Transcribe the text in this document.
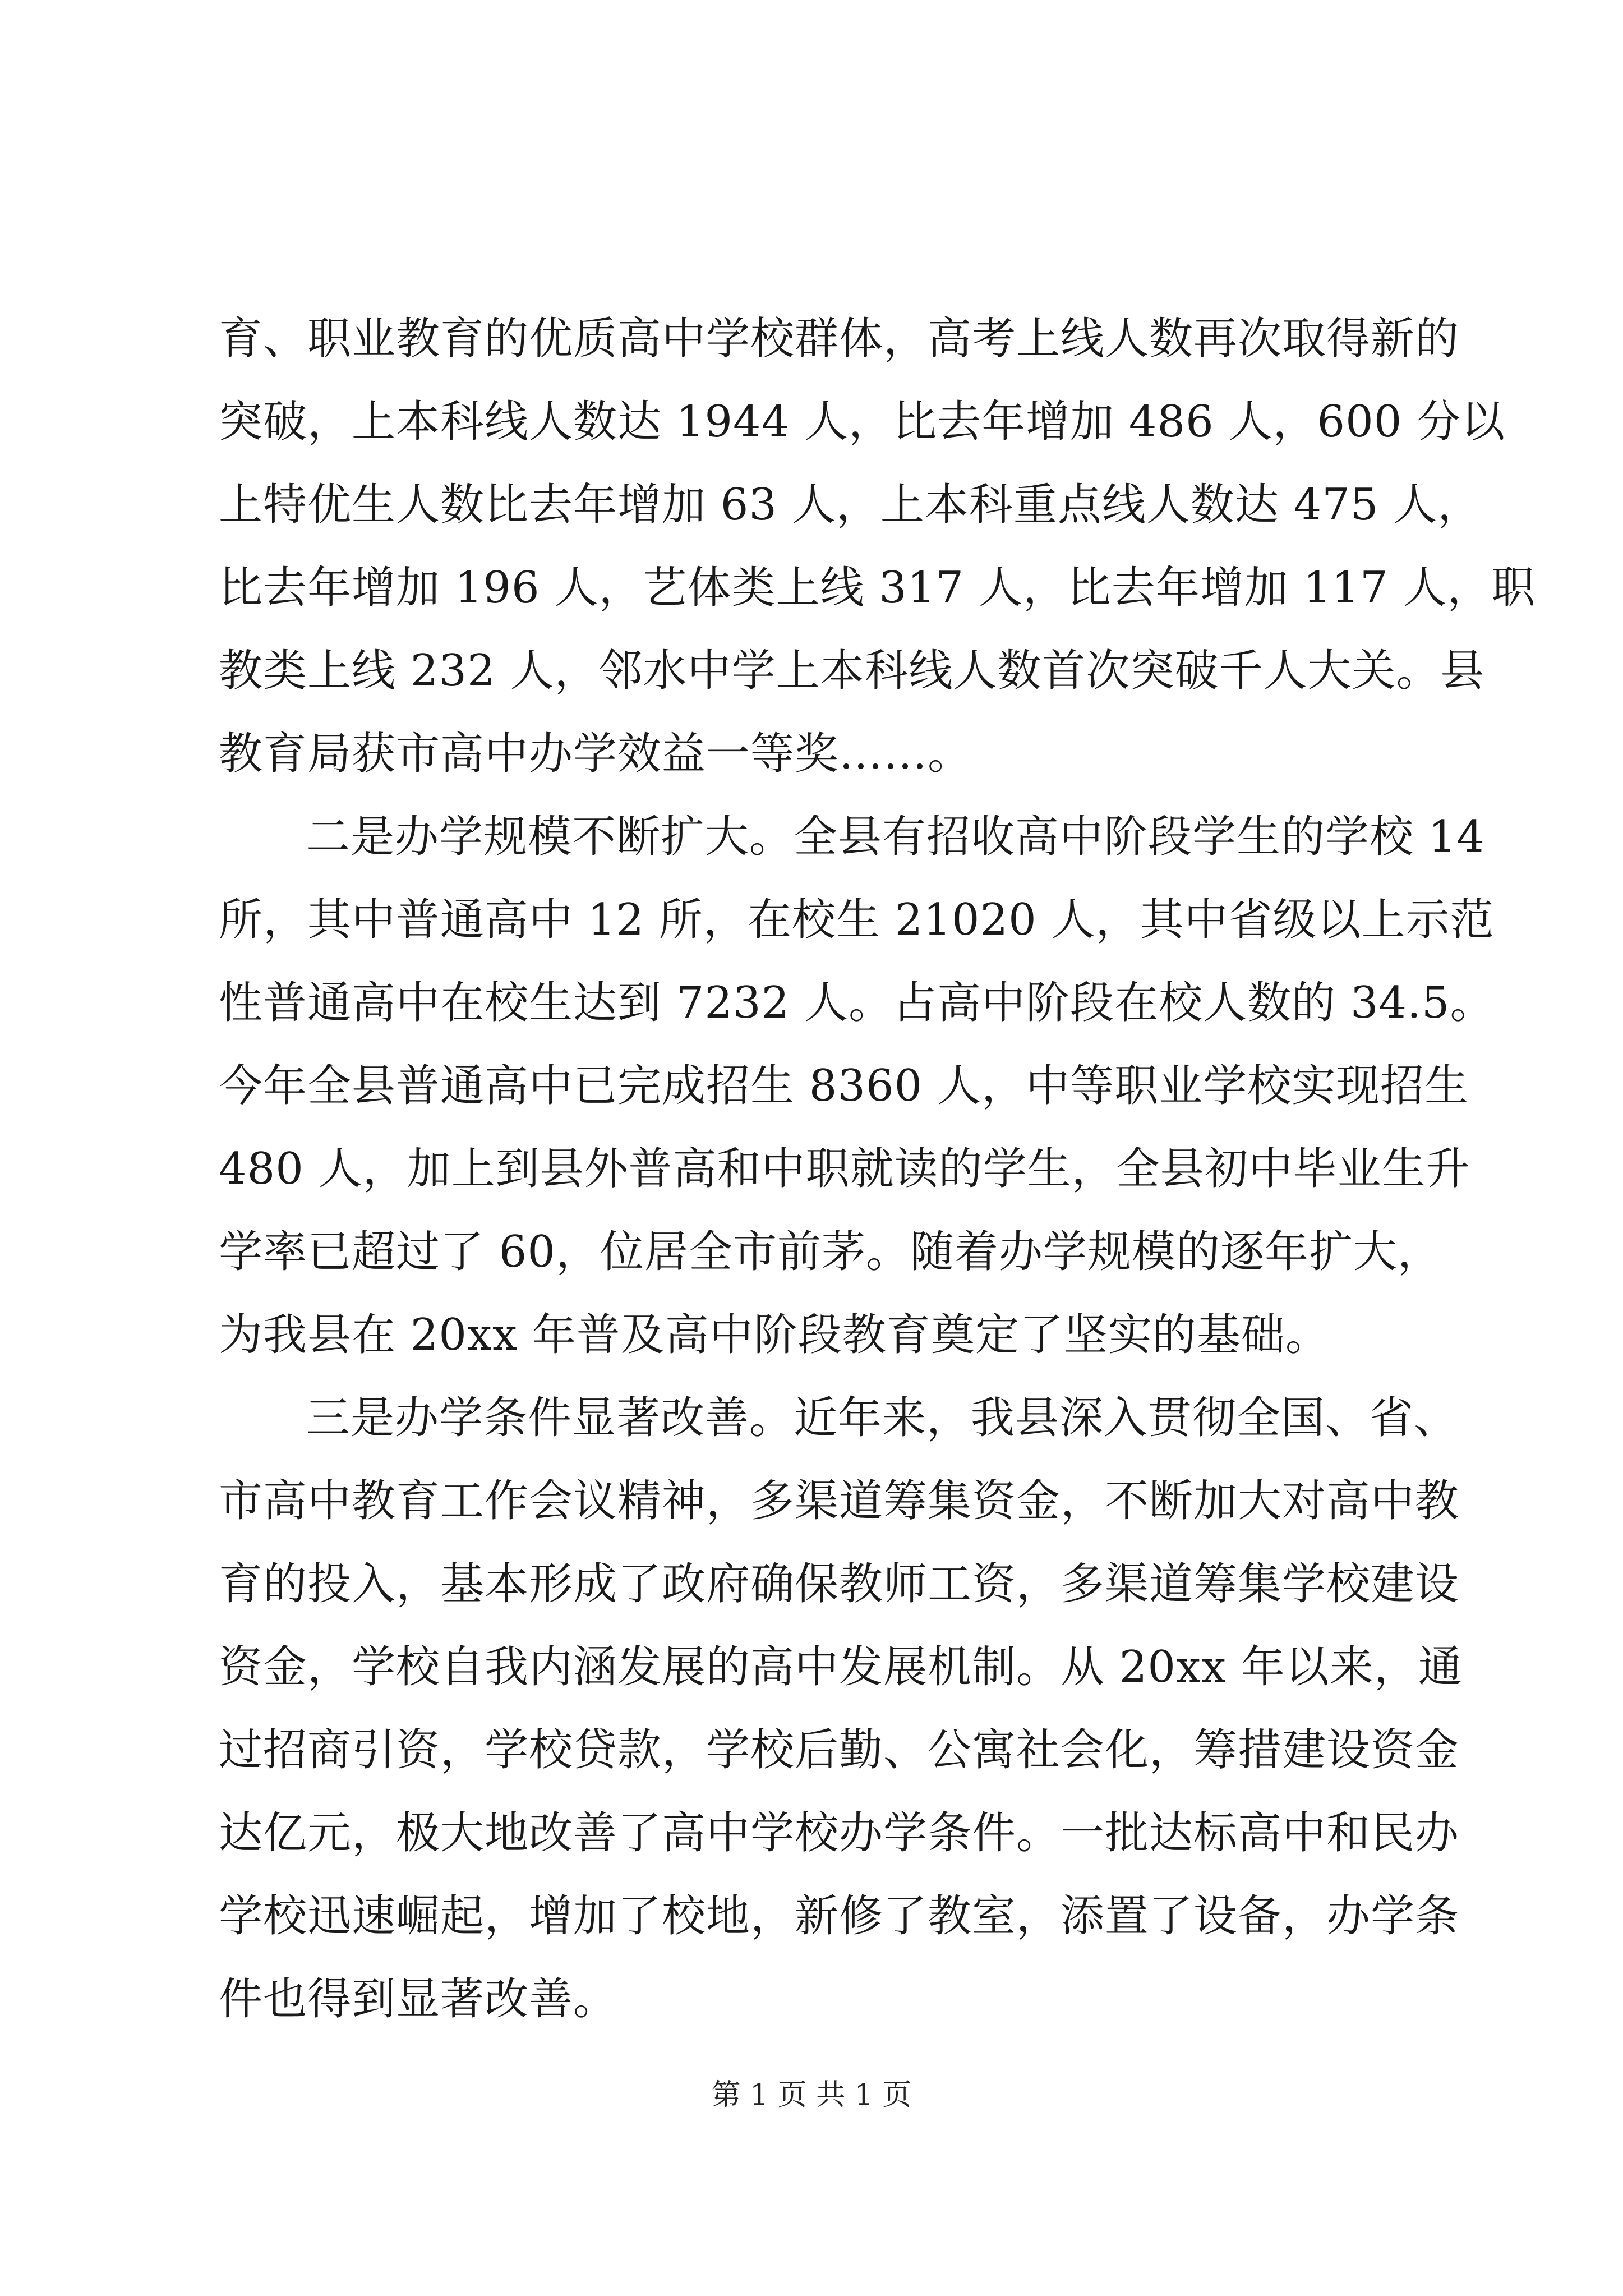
育、职业教育的优质高中学校群体，高考上线人数再次取得新的
突破，上本科线人数达 1944 人，比去年增加 486 人，600 分以
上特优生人数比去年增加 63 人，上本科重点线人数达 475 人，
比去年增加 196 人，艺体类上线 317 人，比去年增加 117 人，职
教类上线 232 人，邻水中学上本科线人数首次突破千人大关。县
教育局获市高中办学效益一等奖……。
二是办学规模不断扩大。全县有招收高中阶段学生的学校 14
所，其中普通高中 12 所，在校生 21020 人，其中省级以上示范
性普通高中在校生达到 7232 人。占高中阶段在校人数的 34.5。
今年全县普通高中已完成招生 8360 人，中等职业学校实现招生
480 人，加上到县外普高和中职就读的学生，全县初中毕业生升
学率已超过了 60，位居全市前茅。随着办学规模的逐年扩大，
为我县在 20xx 年普及高中阶段教育奠定了坚实的基础。
三是办学条件显著改善。近年来，我县深入贯彻全国、省、
市高中教育工作会议精神，多渠道筹集资金，不断加大对高中教
育的投入，基本形成了政府确保教师工资，多渠道筹集学校建设
资金，学校自我内涵发展的高中发展机制。从 20xx 年以来，通
过招商引资，学校贷款，学校后勤、公寓社会化，筹措建设资金
达亿元，极大地改善了高中学校办学条件。一批达标高中和民办
学校迅速崛起，增加了校地，新修了教室，添置了设备，办学条
件也得到显著改善。
第 1 页 共 1 页
